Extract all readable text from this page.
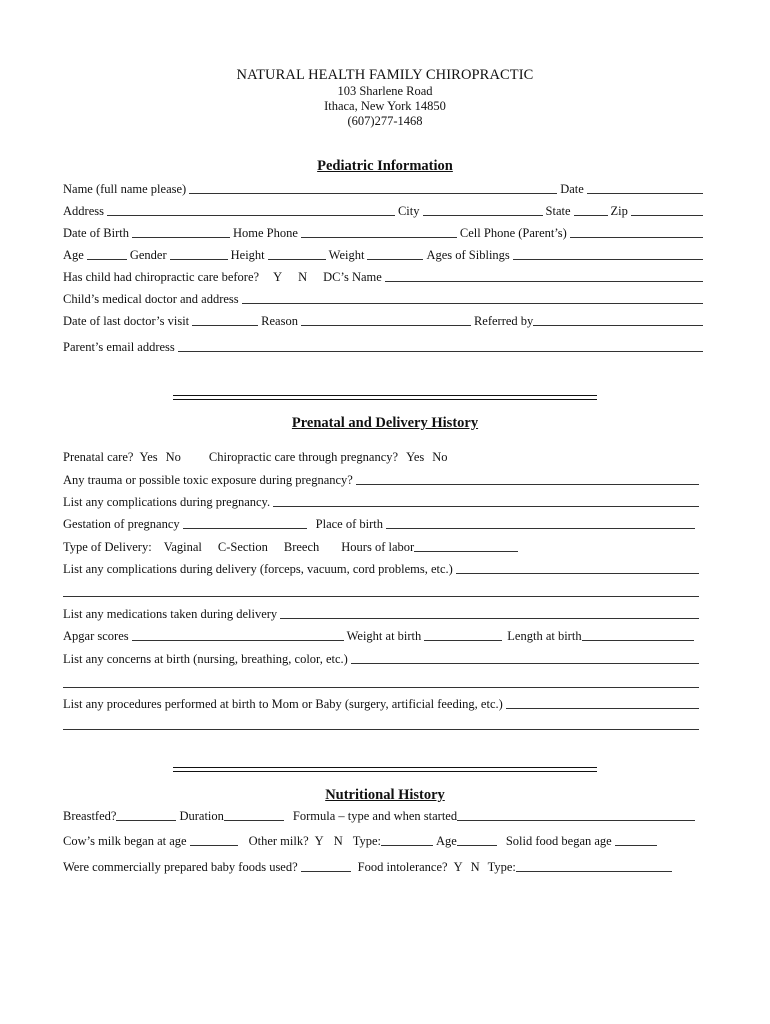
NATURAL HEALTH FAMILY CHIROPRACTIC
103 Sharlene Road
Ithaca, New York 14850
(607)277-1468
Pediatric Information
Name (full name please)	Date
Address	City	State	Zip
Date of Birth	Home Phone	Cell Phone (Parent’s)
Age	Gender	Height	Weight	Ages of Siblings
Has child had chiropractic care before? Y N DC’s Name
Child’s medical doctor and address
Date of last doctor’s visit	Reason	Referred by
Parent’s email address
Prenatal and Delivery History
Prenatal care? Yes No Chiropractic care through pregnancy? Yes No
Any trauma or possible toxic exposure during pregnancy?
List any complications during pregnancy.
Gestation of pregnancy	Place of birth
Type of Delivery: Vaginal C-Section Breech Hours of labor
List any complications during delivery (forceps, vacuum, cord problems, etc.)
List any medications taken during delivery
Apgar scores	Weight at birth	Length at birth
List any concerns at birth (nursing, breathing, color, etc.)
List any procedures performed at birth to Mom or Baby (surgery, artificial feeding, etc.)
Nutritional History
Breastfed?	Duration	Formula – type and when started
Cow’s milk began at age	Other milk? Y N Type:	Age	Solid food began age
Were commercially prepared baby foods used?	Food intolerance? Y N Type:
